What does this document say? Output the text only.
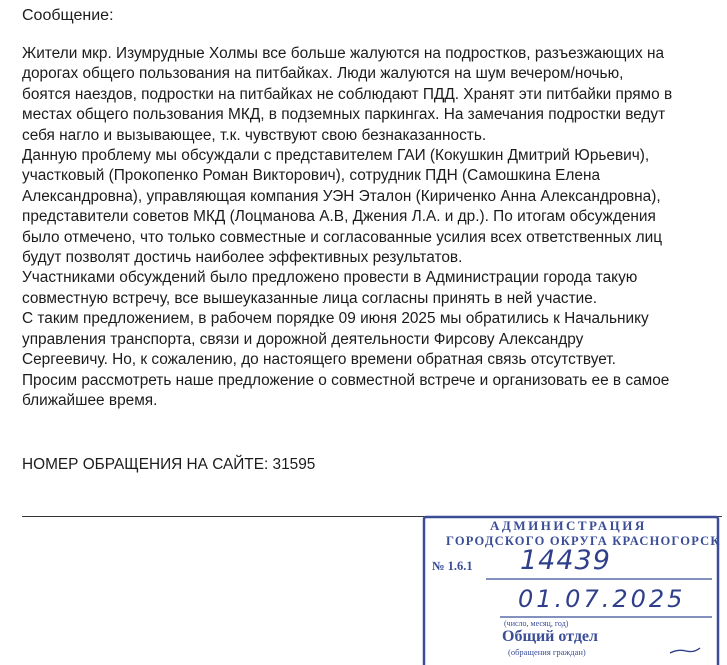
Сообщение:
Жители мкр. Изумрудные Холмы все больше жалуются на подростков, разъезжающих на
дорогах общего пользования на питбайках. Люди жалуются на шум вечером/ночью,
боятся наездов, подростки на питбайках не соблюдают ПДД. Хранят эти питбайки прямо в
местах общего пользования МКД, в подземных паркингах. На замечания подростки ведут
себя нагло и вызывающее, т.к. чувствуют свою безнаказанность.
Данную проблему мы обсуждали с представителем ГАИ (Кокушкин Дмитрий Юрьевич),
участковый (Прокопенко Роман Викторович), сотрудник ПДН (Самошкина Елена
Александровна), управляющая компания УЭН Эталон (Кириченко Анна Александровна),
представители советов МКД (Лоцманова А.В, Джения Л.А. и др.). По итогам обсуждения
было отмечено, что только совместные и согласованные усилия всех ответственных лиц
будут позволят достичь наиболее эффективных результатов.
Участниками обсуждений было предложено провести в Администрации города такую
совместную встречу, все вышеуказанные лица согласны принять в ней участие.
С таким предложением, в рабочем порядке 09 июня 2025 мы обратились к Начальнику
управления транспорта, связи и дорожной деятельности Фирсову Александру
Сергеевичу. Но, к сожалению, до настоящего времени обратная связь отсутствует.
Просим рассмотреть наше предложение о совместной встрече и организовать ее в самое
ближайшее время.
НОМЕР ОБРАЩЕНИЯ НА САЙТЕ: 31595
АДМИНИСТРАЦИЯ
ГОРОДСКОГО ОКРУГА КРАСНОГОРСК
№ 1.6.1 14439
01.07.2025
(число, месяц, год)
Общий отдел
(обращения граждан)
